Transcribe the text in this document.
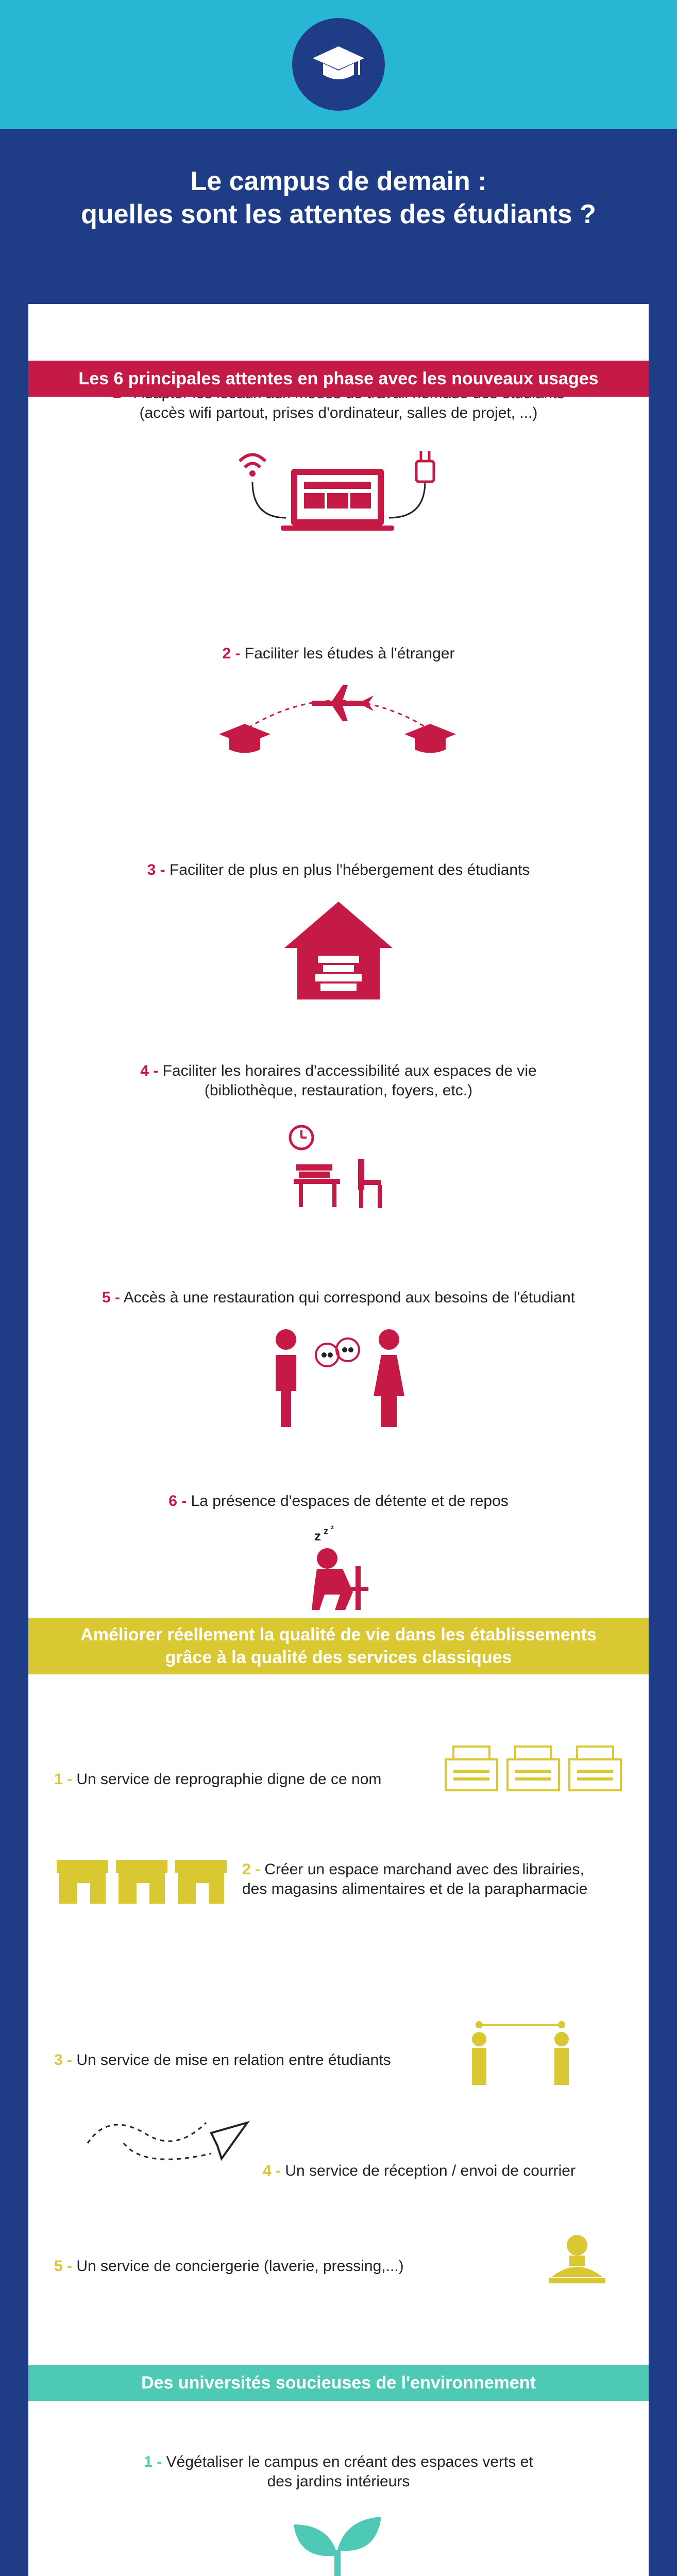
Le campus de demain :
quelles sont les attentes des étudiants ?
(accès wifi partout, prises d'ordinateur, salles de projet, ...)
2 - Faciliter les études à l'étranger
3 - Faciliter de plus en plus l'hébergement des étudiants
4 - Faciliter les horaires d'accessibilité aux espaces de vie
(bibliothèque, restauration, foyers, etc.)
5 - Accès à une restauration qui correspond aux besoins de l'étudiant
6 - La présence d'espaces de détente et de repos
z z z
Les 6 principales attentes en phase avec les nouveaux usages
Améliorer réellement la qualité de vie dans les établissements
grâce à la qualité des services classiques
1 - Un service de reprographie digne de ce nom
2 - Créer un espace marchand avec des librairies,
des magasins alimentaires et de la parapharmacie
3 - Un service de mise en relation entre étudiants
4 - Un service de réception / envoi de courrier
5 - Un service de conciergerie (laverie, pressing,...)
Des universités soucieuses de l'environnement
1 - Végétaliser le campus en créant des espaces verts et
des jardins intérieurs
